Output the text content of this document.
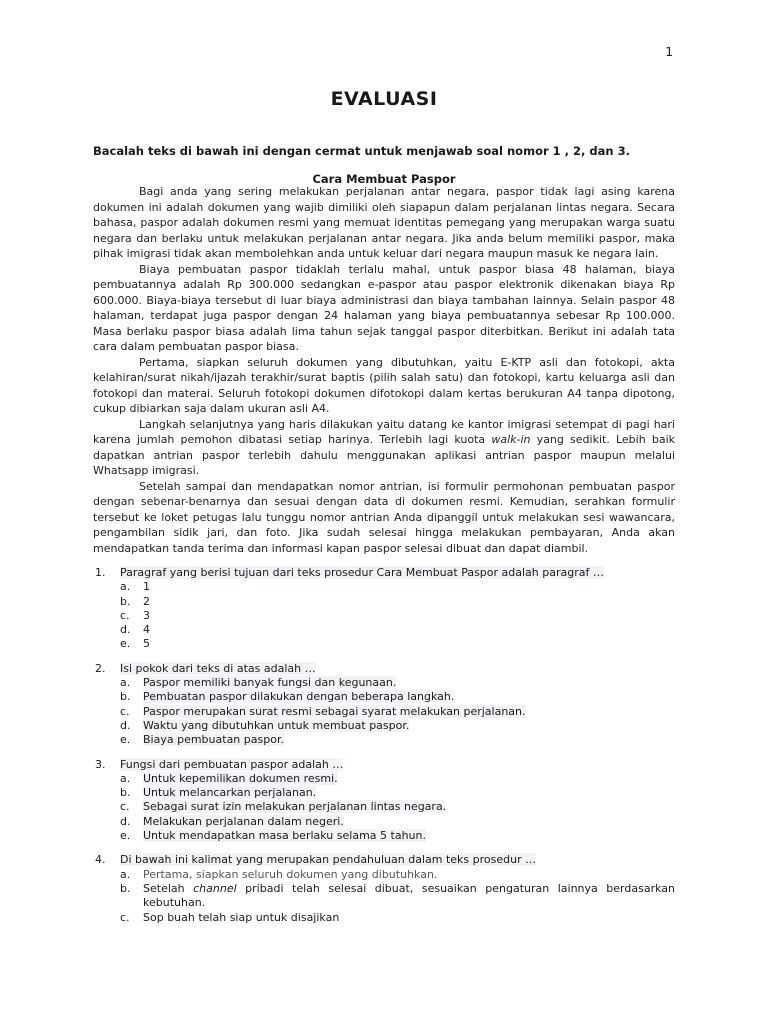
1
EVALUASI

Bacalah teks di bawah ini dengan cermat untuk menjawab soal nomor 1 , 2, dan 3.

Cara Membuat Paspor

Bagi anda yang sering melakukan perjalanan antar negara, paspor tidak lagi asing karena dokumen ini adalah dokumen yang wajib dimiliki oleh siapapun dalam perjalanan lintas negara. Secara bahasa, paspor adalah dokumen resmi yang memuat identitas pemegang yang merupakan warga suatu negara dan berlaku untuk melakukan perjalanan antar negara. Jika anda belum memiliki paspor, maka pihak imigrasi tidak akan membolehkan anda untuk keluar dari negara maupun masuk ke negara lain.

Biaya pembuatan paspor tidaklah terlalu mahal, untuk paspor biasa 48 halaman, biaya pembuatannya adalah Rp 300.000 sedangkan e-paspor atau paspor elektronik dikenakan biaya Rp 600.000. Biaya-biaya tersebut di luar biaya administrasi dan biaya tambahan lainnya. Selain paspor 48 halaman, terdapat juga paspor dengan 24 halaman yang biaya pembuatannya sebesar Rp 100.000. Masa berlaku paspor biasa adalah lima tahun sejak tanggal paspor diterbitkan. Berikut ini adalah tata cara dalam pembuatan paspor biasa.

Pertama, siapkan seluruh dokumen yang dibutuhkan, yaitu E-KTP asli dan fotokopi, akta kelahiran/surat nikah/ijazah terakhir/surat baptis (pilih salah satu) dan fotokopi, kartu keluarga asli dan fotokopi dan materai. Seluruh fotokopi dokumen difotokopi dalam kertas berukuran A4 tanpa dipotong, cukup dibiarkan saja dalam ukuran asli A4.

Langkah selanjutnya yang haris dilakukan yaitu datang ke kantor imigrasi setempat di pagi hari karena jumlah pemohon dibatasi setiap harinya. Terlebih lagi kuota walk-in yang sedikit. Lebih baik dapatkan antrian paspor terlebih dahulu menggunakan aplikasi antrian paspor maupun melalui Whatsapp imigrasi.

Setelah sampai dan mendapatkan nomor antrian, isi formulir permohonan pembuatan paspor dengan sebenar-benarnya dan sesuai dengan data di dokumen resmi. Kemudian, serahkan formulir tersebut ke loket petugas lalu tunggu nomor antrian Anda dipanggil untuk melakukan sesi wawancara, pengambilan sidik jari, dan foto. Jika sudah selesai hingga melakukan pembayaran, Anda akan mendapatkan tanda terima dan informasi kapan paspor selesai dibuat dan dapat diambil.

1.	Paragraf yang berisi tujuan dari teks prosedur Cara Membuat Paspor adalah paragraf …
a.	1
b.	2
c.	3
d.	4
e.	5
2.	Isi pokok dari teks di atas adalah …
a.	Paspor memiliki banyak fungsi dan kegunaan.
b.	Pembuatan paspor dilakukan dengan beberapa langkah.
c.	Paspor merupakan surat resmi sebagai syarat melakukan perjalanan.
d.	Waktu yang dibutuhkan untuk membuat paspor.
e.	Biaya pembuatan paspor.
3.	Fungsi dari pembuatan paspor adalah …
a.	Untuk kepemilikan dokumen resmi.
b.	Untuk melancarkan perjalanan.
c.	Sebagai surat izin melakukan perjalanan lintas negara.
d.	Melakukan perjalanan dalam negeri.
e.	Untuk mendapatkan masa berlaku selama 5 tahun.
4.	Di bawah ini kalimat yang merupakan pendahuluan dalam teks prosedur …
a.	Pertama, siapkan seluruh dokumen yang dibutuhkan.
b.	Setelah channel pribadi telah selesai dibuat, sesuaikan pengaturan lainnya berdasarkan kebutuhan.
c.	Sop buah telah siap untuk disajikan
